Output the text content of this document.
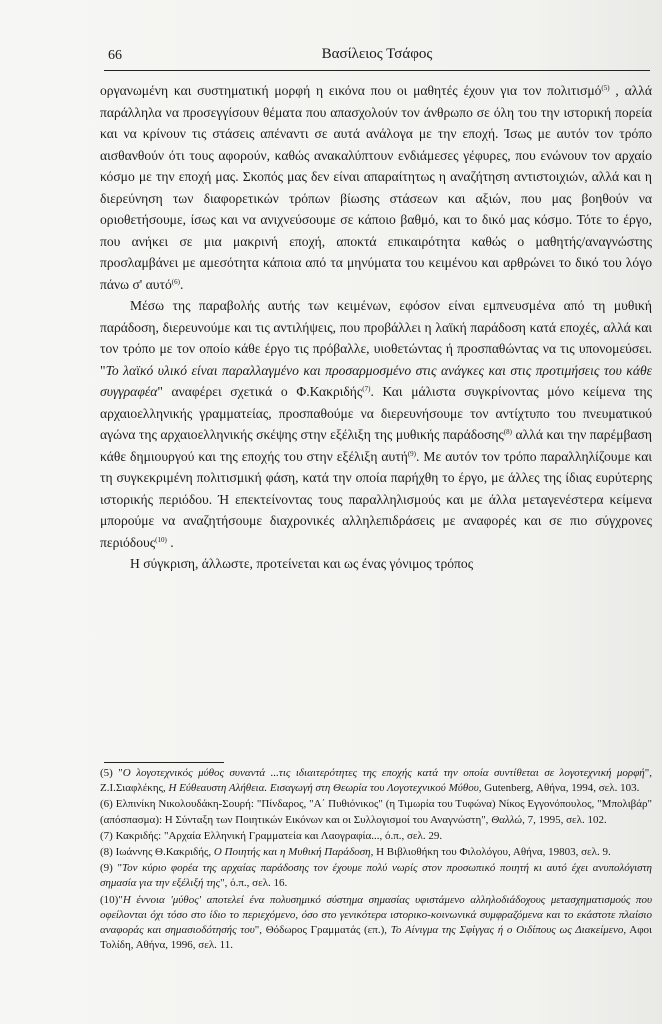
66	Βασίλειος Τσάφος

οργανωμένη και συστηματική μορφή η εικόνα που οι μαθητές έχουν για τον πολιτισμό$^{(5)}$ , αλλά παράλληλα να προσεγγίσουν θέματα που απασχολούν τον άνθρωπο σε όλη του την ιστορική πορεία και να κρίνουν τις στάσεις απέναντι σε αυτά ανάλογα με την εποχή. Ίσως με αυτόν τον τρόπο αισθανθούν ότι τους αφορούν, καθώς ανακαλύπτουν ενδιάμεσες γέφυρες, που ενώνουν τον αρχαίο κόσμο με την εποχή μας. Σκοπός μας δεν είναι απαραίτητως η αναζήτηση αντιστοιχιών, αλλά και η διερεύνηση των διαφορετικών τρόπων βίωσης στάσεων και αξιών, που μας βοηθούν να οριοθετήσουμε, ίσως και να ανιχνεύσουμε σε κάποιο βαθμό, και το δικό μας κόσμο. Τότε το έργο, που ανήκει σε μια μακρινή εποχή, αποκτά επικαιρότητα καθώς ο μαθητής/αναγνώστης προσλαμβάνει με αμεσότητα κάποια από τα μηνύματα του κειμένου και αρθρώνει το δικό του λόγο πάνω σ' αυτό$^{(6)}$.

Μέσω της παραβολής αυτής των κειμένων, εφόσον είναι εμπνευσμένα από τη μυθική παράδοση, διερευνούμε και τις αντιλήψεις, που προβάλλει η λαϊκή παράδοση κατά εποχές, αλλά και τον τρόπο με τον οποίο κάθε έργο τις πρόβαλλε, υιοθετώντας ή προσπαθώντας να τις υπονομεύσει. "Το λαϊκό υλικό είναι παραλλαγμένο και προσαρμοσμένο στις ανάγκες και στις προτιμήσεις του κάθε συγγραφέα" αναφέρει σχετικά ο Φ.Κακριδής$^{(7)}$. Και μάλιστα συγκρίνοντας μόνο κείμενα της αρχαιοελληνικής γραμματείας, προσπαθούμε να διερευνήσουμε τον αντίχτυπο του πνευματικού αγώνα της αρχαιοελληνικής σκέψης στην εξέλιξη της μυθικής παράδοσης$^{(8)}$ αλλά και την παρέμβαση κάθε δημιουργού και της εποχής του στην εξέλιξη αυτή$^{(9)}$. Με αυτόν τον τρόπο παραλληλίζουμε και τη συγκεκριμένη πολιτισμική φάση, κατά την οποία παρήχθη το έργο, με άλλες της ίδιας ευρύτερης ιστορικής περιόδου. Ή επεκτείνοντας τους παραλληλισμούς και με άλλα μεταγενέστερα κείμενα μπορούμε να αναζητήσουμε διαχρονικές αλληλεπιδράσεις με αναφορές και σε πιο σύγχρονες περιόδους$^{(10)}$ .

Η σύγκριση, άλλωστε, προτείνεται και ως ένας γόνιμος τρόπος

(5) "Ο λογοτεχνικός μύθος συναντά ...τις ιδιαιτερότητες της εποχής κατά την οποία συντίθεται σε λογοτεχνική μορφή", Ζ.Ι.Σιαφλέκης, Η Εύθεαυστη Αλήθεια. Εισαγωγή στη Θεωρία του Λογοτεχνικού Μύθου, Gutenberg, Αθήνα, 1994, σελ. 103.

(6) Ελπινίκη Νικολουδάκη-Σουρή: "Πίνδαρος, "Α΄ Πυθιόνικος" (η Τιμωρία του Τυφώνα) Νίκος Εγγονόπουλος, "Μπολιβάρ" (απόσπασμα): Η Σύνταξη των Ποιητικών Εικόνων και οι Συλλογισμοί του Αναγνώστη", Θαλλώ, 7, 1995, σελ. 102.

(7) Κακριδής: "Αρχαία Ελληνική Γραμματεία και Λαογραφία..., ό.π., σελ. 29.

(8) Ιωάννης Θ.Κακριδής, Ο Ποιητής και η Μυθική Παράδοση, Η Βιβλιοθήκη του Φιλολόγου, Αθήνα, 19803, σελ. 9.

(9) "Τον κύριο φορέα της αρχαίας παράδοσης τον έχουμε πολύ νωρίς στον προσωπικό ποιητή κι αυτό έχει ανυπολόγιστη σημασία για την εξέλιξή της", ό.π., σελ. 16.

(10)"Η έννοια 'μύθος' αποτελεί ένα πολυσημικό σύστημα σημασίας υφιστάμενο αλληλοδιάδοχους μετασχηματισμούς που οφείλονται όχι τόσο στο ίδιο το περιεχόμενο, όσο στο γενικότερα ιστορικο-κοινωνικά συμφραζόμενα και το εκάστοτε πλαίσιο αναφοράς και σημασιοδότησής του", Θόδωρος Γραμματάς (επ.), Το Αίνιγμα της Σφίγγας ή ο Οιδίπους ως Διακείμενο, Αφοι Τολίδη, Αθήνα, 1996, σελ. 11.
